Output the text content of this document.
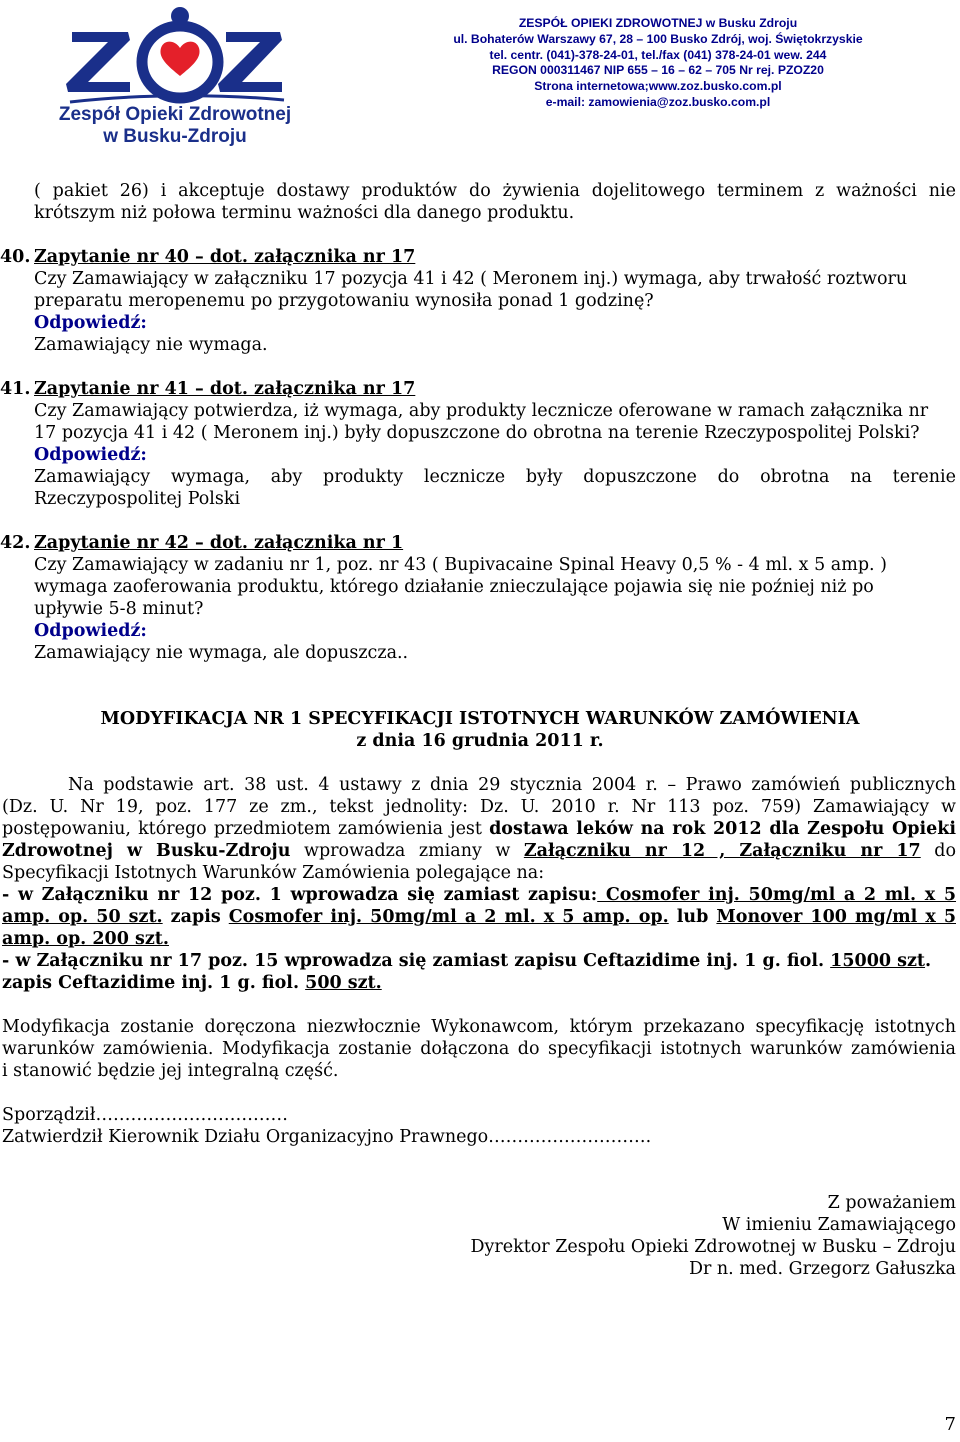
Zespół Opieki Zdrowotnej
w Busku-Zdroju
ZESPÓŁ OPIEKI ZDROWOTNEJ w Busku Zdroju
ul. Bohaterów Warszawy 67, 28 – 100 Busko Zdrój, woj. Świętokrzyskie
tel. centr. (041)-378-24-01, tel./fax (041) 378-24-01 wew. 244
REGON 000311467 NIP 655 – 16 – 62 – 705 Nr rej. PZOZ20
Strona internetowa;www.zoz.busko.com.pl
e-mail: zamowienia@zoz.busko.com.pl
( pakiet 26) i akceptuje dostawy produktów do żywienia dojelitowego terminem z ważności nie
krótszym niż połowa terminu ważności dla danego produktu.
40. Zapytanie nr 40 – dot. załącznika nr 17
Czy Zamawiający w załączniku 17 pozycja 41 i 42 ( Meronem inj.) wymaga, aby trwałość roztworu
preparatu meropenemu po przygotowaniu wynosiła ponad 1 godzinę?
Odpowiedź:
Zamawiający nie wymaga.
41. Zapytanie nr 41 – dot. załącznika nr 17
Czy Zamawiający potwierdza, iż wymaga, aby produkty lecznicze oferowane w ramach załącznika nr
17 pozycja 41 i 42 ( Meronem inj.) były dopuszczone do obrotna na terenie Rzeczypospolitej Polski?
Odpowiedź:
Zamawiający wymaga, aby produkty lecznicze były dopuszczone do obrotna na terenie
Rzeczypospolitej Polski
42. Zapytanie nr 42 – dot. załącznika nr 1
Czy Zamawiający w zadaniu nr 1, poz. nr 43 ( Bupivacaine Spinal Heavy 0,5 % - 4 ml. x 5 amp. )
wymaga zaoferowania produktu, którego działanie znieczulające pojawia się nie poźniej niż po
upływie 5-8 minut?
Odpowiedź:
Zamawiający nie wymaga, ale dopuszcza..
MODYFIKACJA NR 1 SPECYFIKACJI ISTOTNYCH WARUNKÓW ZAMÓWIENIA
z dnia 16 grudnia 2011 r.
Na podstawie art. 38 ust. 4 ustawy z dnia 29 stycznia 2004 r. – Prawo zamówień publicznych
(Dz. U. Nr 19, poz. 177 ze zm., tekst jednolity: Dz. U. 2010 r. Nr 113 poz. 759) Zamawiający w
postępowaniu, którego przedmiotem zamówienia jest dostawa leków na rok 2012 dla Zespołu Opieki
Zdrowotnej w Busku-Zdroju wprowadza zmiany w Załączniku nr 12 , Załączniku nr 17 do
Specyfikacji Istotnych Warunków Zamówienia polegające na:
- w Załączniku nr 12 poz. 1 wprowadza się zamiast zapisu: Cosmofer inj. 50mg/ml a 2 ml. x 5
amp. op. 50 szt. zapis Cosmofer inj. 50mg/ml a 2 ml. x 5 amp. op. lub Monover 100 mg/ml x 5
amp. op. 200 szt.
- w Załączniku nr 17 poz. 15 wprowadza się zamiast zapisu Ceftazidime inj. 1 g. fiol. 15000 szt.
zapis Ceftazidime inj. 1 g. fiol. 500 szt.
Modyfikacja zostanie doręczona niezwłocznie Wykonawcom, którym przekazano specyfikację istotnych
warunków zamówienia. Modyfikacja zostanie dołączona do specyfikacji istotnych warunków zamówienia
i stanowić będzie jej integralną część.
Sporządził……………………………
Zatwierdził Kierownik Działu Organizacyjno Prawnego……………………….
Z poważaniem
W imieniu Zamawiającego
Dyrektor Zespołu Opieki Zdrowotnej w Busku – Zdroju
Dr n. med. Grzegorz Gałuszka
7
